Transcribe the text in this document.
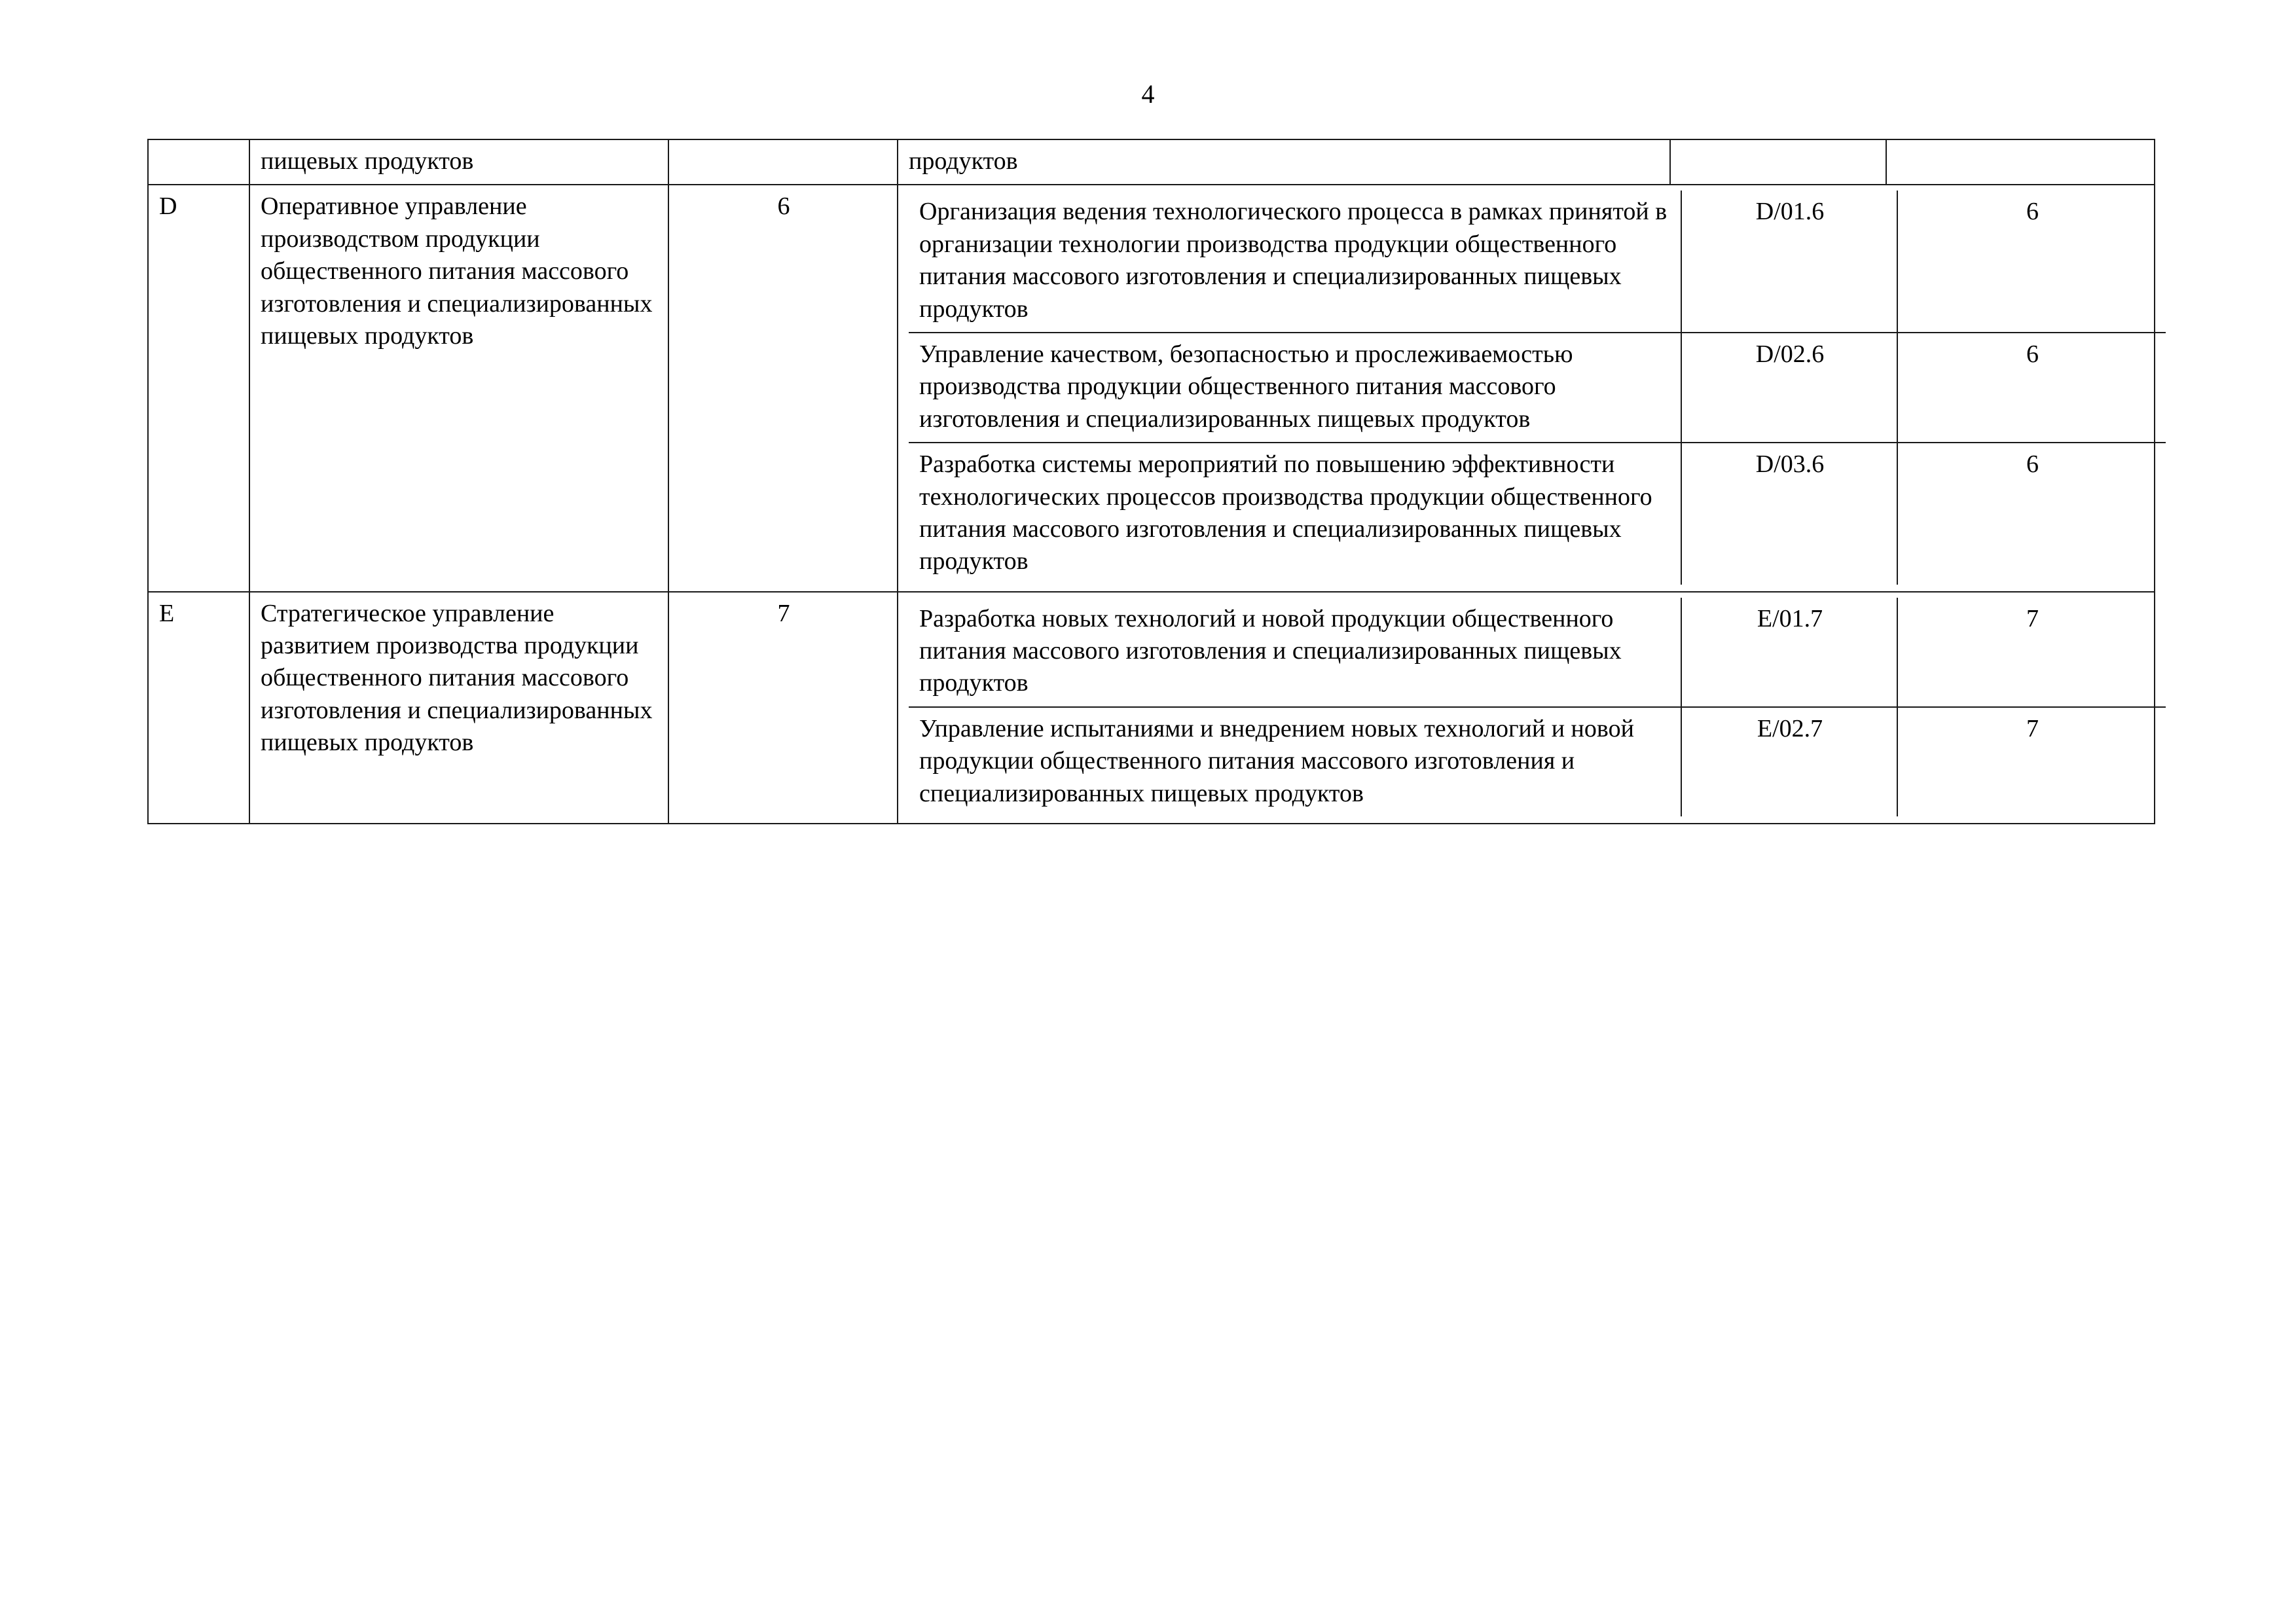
4
	пищевых продуктов		продуктов		
D	Оперативное управление производством продукции общественного питания массового изготовления и специализированных пищевых продуктов	6		Организация ведения технологического процесса в рамках принятой в организации технологии производства продукции общественного питания массового изготовления и специализированных пищевых продуктов	D/01.6	6
Управление качеством, безопасностью и прослеживаемостью производства продукции общественного питания массового изготовления и специализированных пищевых продуктов	D/02.6	6
Разработка системы мероприятий по повышению эффективности технологических процессов производства продукции общественного питания массового изготовления и специализированных пищевых продуктов	D/03.6	6

E	Стратегическое управление развитием производства продукции общественного питания массового изготовления и специализированных пищевых продуктов	7		Разработка новых технологий и новой продукции общественного питания массового изготовления и специализированных пищевых продуктов	E/01.7	7
Управление испытаниями и внедрением новых технологий и новой продукции общественного питания массового изготовления и специализированных пищевых продуктов	E/02.7	7
